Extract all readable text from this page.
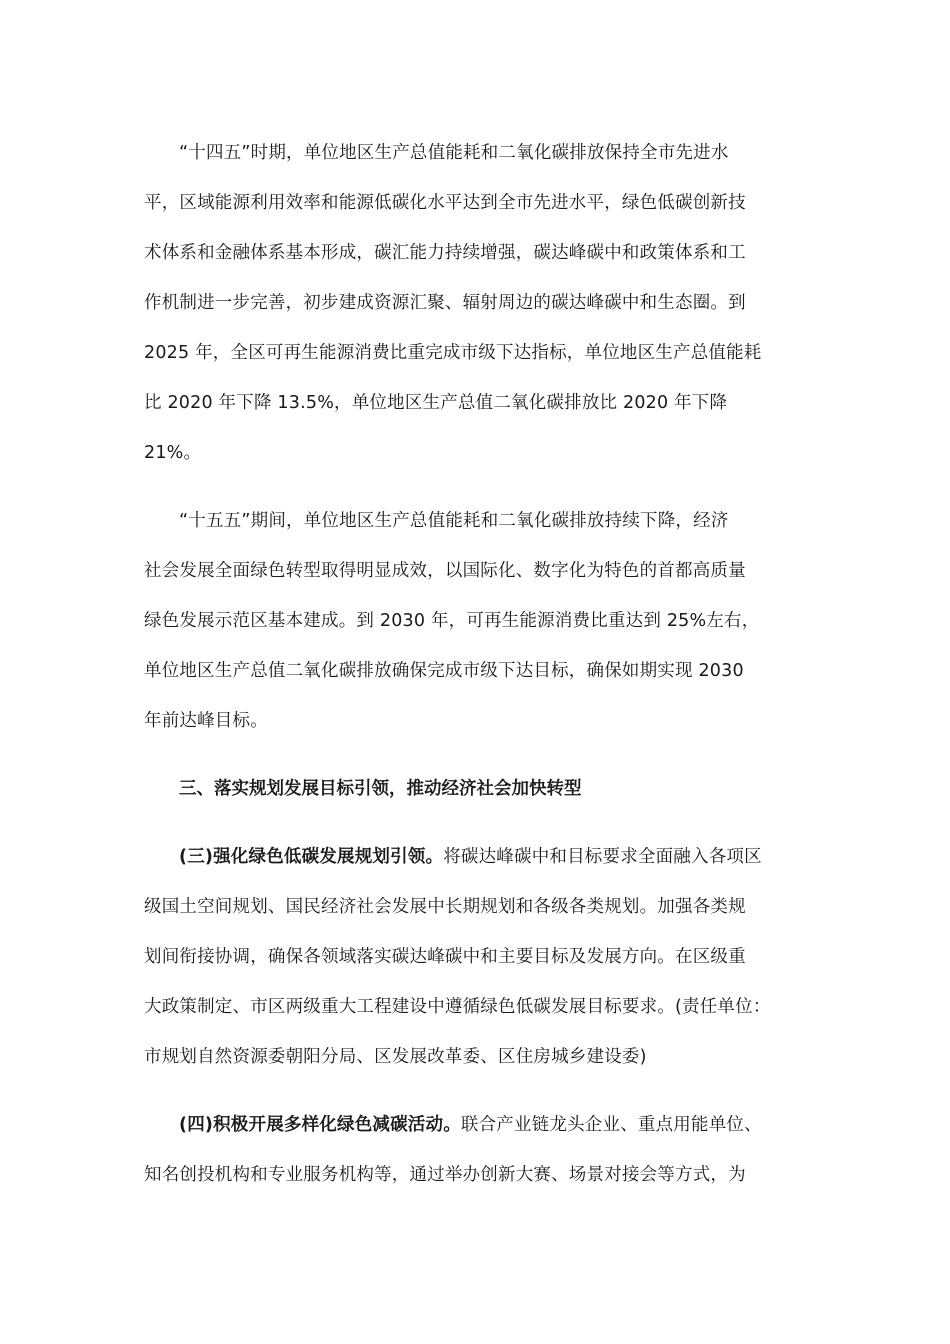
“十四五”时期，单位地区生产总值能耗和二氧化碳排放保持全市先进水
平，区域能源利用效率和能源低碳化水平达到全市先进水平，绿色低碳创新技
术体系和金融体系基本形成，碳汇能力持续增强，碳达峰碳中和政策体系和工
作机制进一步完善，初步建成资源汇聚、辐射周边的碳达峰碳中和生态圈。到
2025 年，全区可再生能源消费比重完成市级下达指标，单位地区生产总值能耗
比 2020 年下降 13.5%，单位地区生产总值二氧化碳排放比 2020 年下降
21%。

“十五五”期间，单位地区生产总值能耗和二氧化碳排放持续下降，经济
社会发展全面绿色转型取得明显成效，以国际化、数字化为特色的首都高质量
绿色发展示范区基本建成。到 2030 年，可再生能源消费比重达到 25%左右，
单位地区生产总值二氧化碳排放确保完成市级下达目标，确保如期实现 2030
年前达峰目标。

三、落实规划发展目标引领，推动经济社会加快转型

(三)强化绿色低碳发展规划引领。将碳达峰碳中和目标要求全面融入各项区
级国土空间规划、国民经济社会发展中长期规划和各级各类规划。加强各类规
划间衔接协调，确保各领域落实碳达峰碳中和主要目标及发展方向。在区级重
大政策制定、市区两级重大工程建设中遵循绿色低碳发展目标要求。(责任单位：
市规划自然资源委朝阳分局、区发展改革委、区住房城乡建设委)

(四)积极开展多样化绿色减碳活动。联合产业链龙头企业、重点用能单位、
知名创投机构和专业服务机构等，通过举办创新大赛、场景对接会等方式，为
